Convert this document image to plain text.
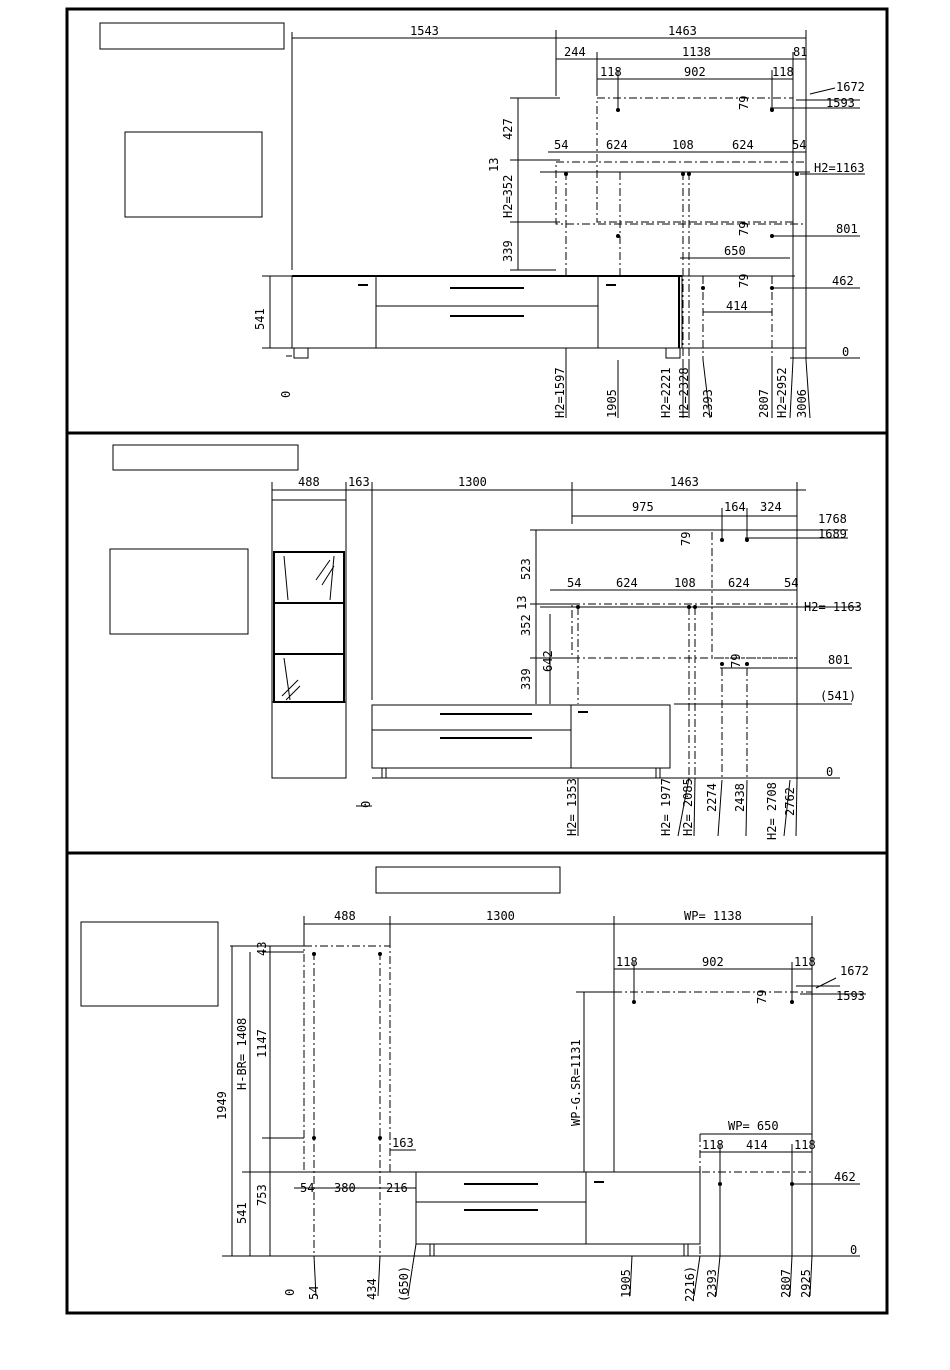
1543	1463
244	1138	81
118	902	118
1672
1593
54	624	108	624	54
H2=1163
801
650
462
414
0
427
13
H2=352
339
79
79
79
541
0	H2=1597	1905	H2=2221 H2=2328 2393	2807 H2=2952 3006
488 163	1300	1463
975	164 324
1768
1689
54	624	108	624	54
H2= 1163
801
(541)
0
79
523
13
352
642
339
79
0	H2= 1353	H2= 1977 H2= 2085 2274 2438 H2= 2708 2762
488	1300	WP= 1138
118	902	118
1672
1593
163
WP= 650
118 414 118
462
54 380	216
0
79
WP-G.SR=1131
1949
H-BR= 1408 1147
43
541
753
0 54	434 (650)	1905	2216) 2393	2807 2925
